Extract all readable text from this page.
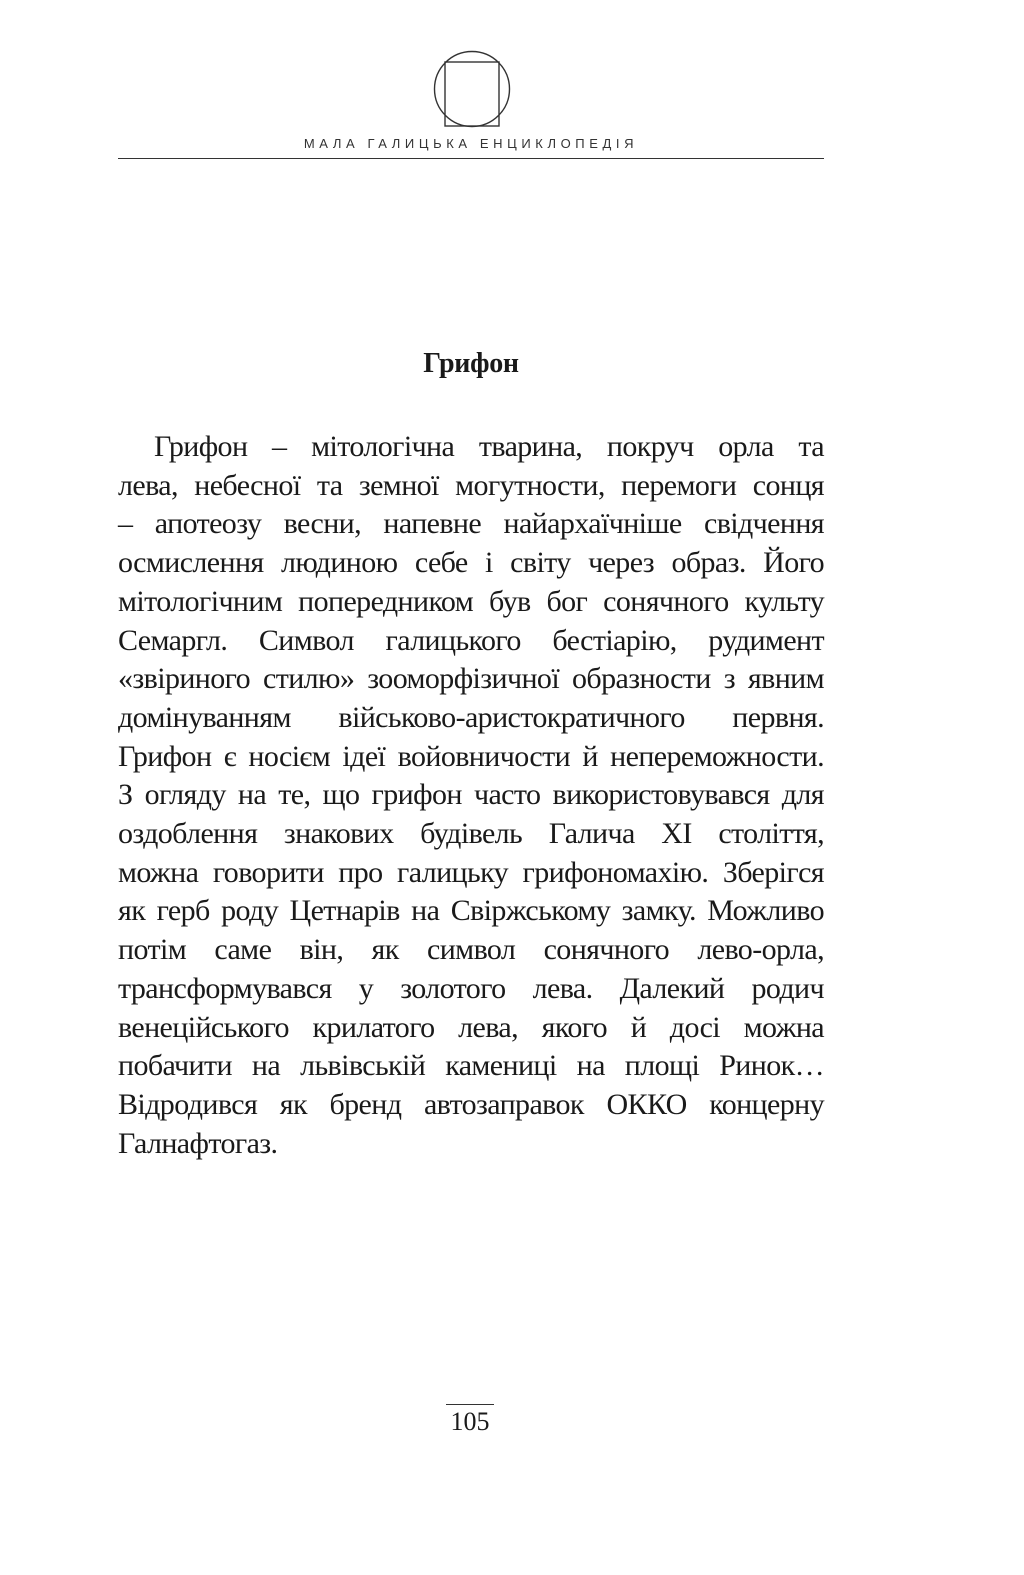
МАЛА ГАЛИЦЬКА ЕНЦИКЛОПЕДІЯ
Грифон

Грифон – мітологічна тварина, покруч орла та
лева, небесної та земної могутности, перемоги сонця
– апотеозу весни, напевне найархаїчніше свідчення
осмислення людиною себе і світу через образ. Його
мітологічним попередником був бог сонячного культу
Семаргл. Символ галицького бестіарію, рудимент
«звіриного стилю» зооморфізичної образности з явним
домінуванням військово-аристократичного первня.
Грифон є носієм ідеї войовничости й непереможности.
З огляду на те, що грифон часто використовувався для
оздоблення знакових будівель Галича XI століття,
можна говорити про галицьку грифономахію. Зберігся
як герб роду Цетнарів на Свіржському замку. Можливо
потім саме він, як символ сонячного лево-орла,
трансформувався у золотого лева. Далекий родич
венеційського крилатого лева, якого й досі можна
побачити на львівській камениці на площі Ринок…
Відродився як бренд автозаправок ОККО концерну
Галнафтогаз.

105
